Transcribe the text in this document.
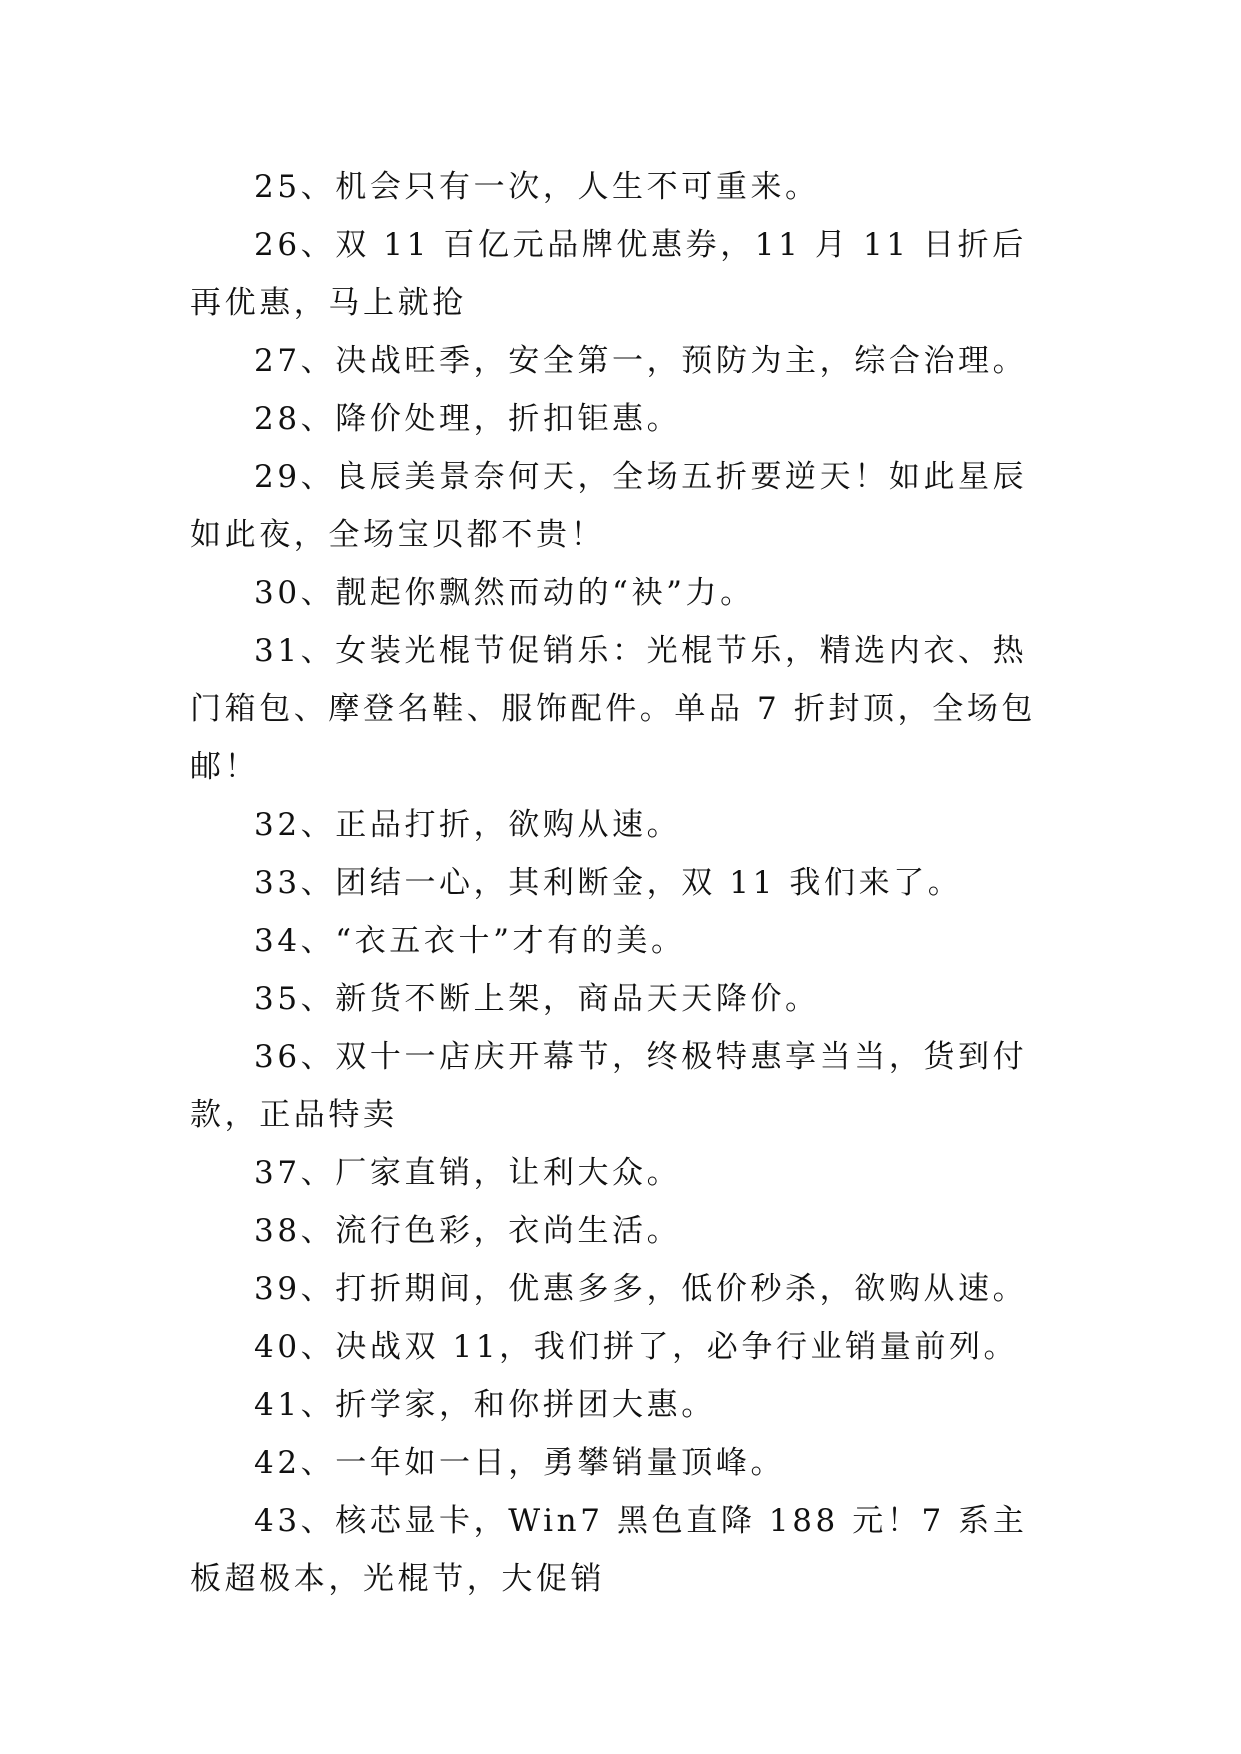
25、机会只有一次，人生不可重来。

26、双 11 百亿元品牌优惠券，11 月 11 日折后再优惠，马上就抢

27、决战旺季，安全第一，预防为主，综合治理。

28、降价处理，折扣钜惠。

29、良辰美景奈何天，全场五折要逆天！如此星辰如此夜，全场宝贝都不贵！

30、靓起你飘然而动的“袂”力。

31、女装光棍节促销乐：光棍节乐，精选内衣、热门箱包、摩登名鞋、服饰配件。单品 7 折封顶，全场包邮！

32、正品打折，欲购从速。

33、团结一心，其利断金，双 11 我们来了。

34、“衣五衣十”才有的美。

35、新货不断上架，商品天天降价。

36、双十一店庆开幕节，终极特惠享当当，货到付款，正品特卖

37、厂家直销，让利大众。

38、流行色彩，衣尚生活。

39、打折期间，优惠多多，低价秒杀，欲购从速。

40、决战双 11，我们拼了，必争行业销量前列。

41、折学家，和你拼团大惠。

42、一年如一日，勇攀销量顶峰。

43、核芯显卡，Win7 黑色直降 188 元！7 系主板超极本，光棍节，大促销
